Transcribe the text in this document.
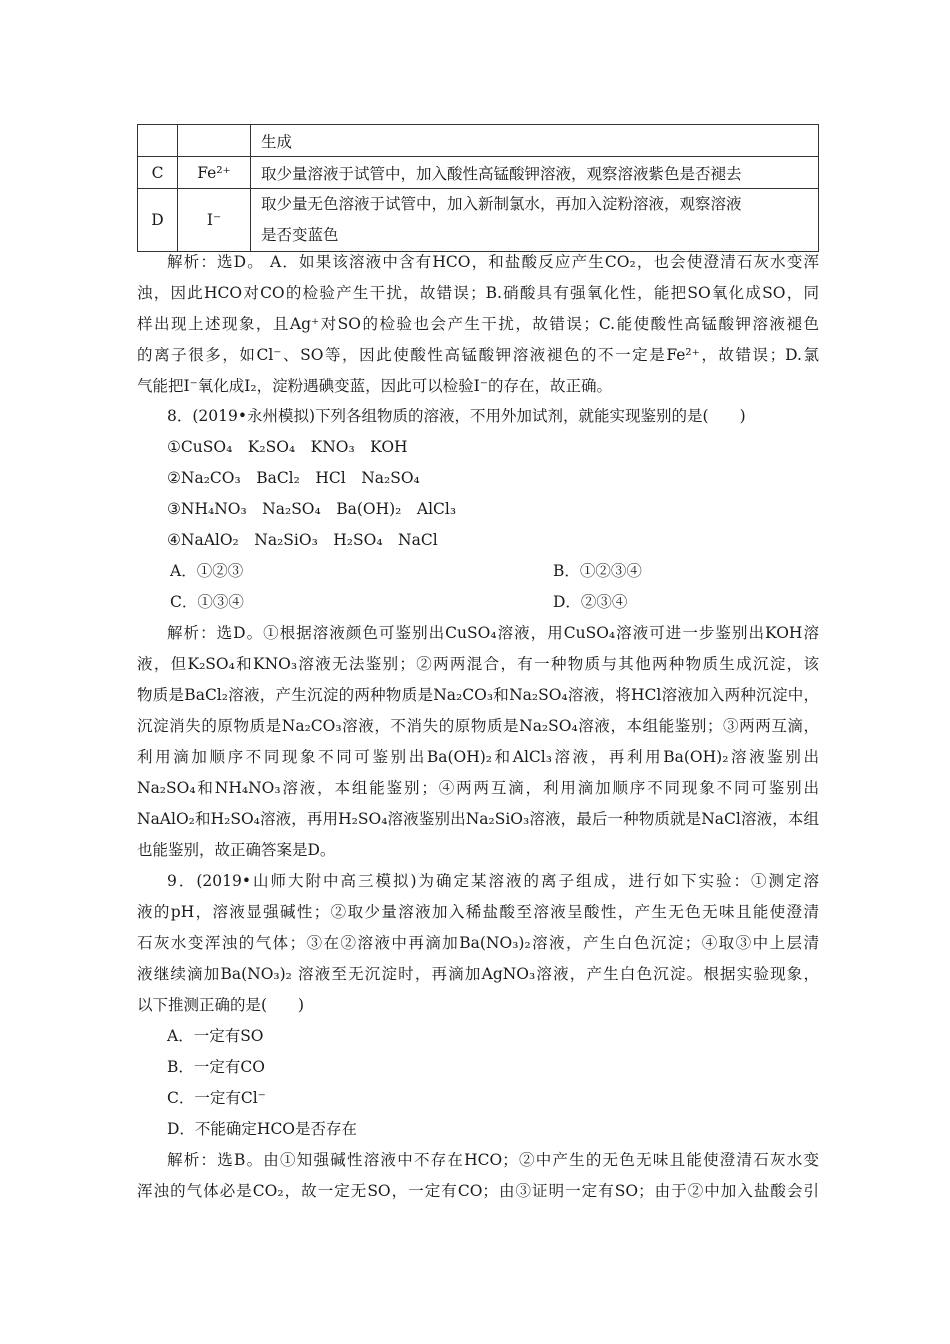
		生成
C	Fe²⁺	取少量溶液于试管中，加入酸性高锰酸钾溶液，观察溶液紫色是否褪去
D	I⁻	取少量无色溶液于试管中，加入新制氯水，再加入淀粉溶液，观察溶液
是否变蓝色
解析：选D。 A．如果该溶液中含有HCO，和盐酸反应产生CO₂，也会使澄清石灰水变浑
浊，因此HCO对CO的检验产生干扰，故错误；B.硝酸具有强氧化性，能把SO氧化成SO，同
样出现上述现象，且Ag⁺对SO的检验也会产生干扰，故错误；C.能使酸性高锰酸钾溶液褪色
的离子很多，如Cl⁻、SO等，因此使酸性高锰酸钾溶液褪色的不一定是Fe²⁺，故错误；D.氯
气能把I⁻氧化成I₂，淀粉遇碘变蓝，因此可以检验I⁻的存在，故正确。
8．(2019•永州模拟)下列各组物质的溶液，不用外加试剂，就能实现鉴别的是(　　)
①CuSO₄　K₂SO₄　KNO₃　KOH
②Na₂CO₃　BaCl₂　HCl　Na₂SO₄
③NH₄NO₃　Na₂SO₄　Ba(OH)₂　AlCl₃
④NaAlO₂　Na₂SiO₃　H₂SO₄　NaCl
A．①②③	B．①②③④
C．①③④	D．②③④
解析：选D。①根据溶液颜色可鉴别出CuSO₄溶液，用CuSO₄溶液可进一步鉴别出KOH溶
液，但K₂SO₄和KNO₃溶液无法鉴别；②两两混合，有一种物质与其他两种物质生成沉淀，该
物质是BaCl₂溶液，产生沉淀的两种物质是Na₂CO₃和Na₂SO₄溶液，将HCl溶液加入两种沉淀中，
沉淀消失的原物质是Na₂CO₃溶液，不消失的原物质是Na₂SO₄溶液，本组能鉴别；③两两互滴，
利用滴加顺序不同现象不同可鉴别出Ba(OH)₂和AlCl₃溶液，再利用Ba(OH)₂溶液鉴别出
Na₂SO₄和NH₄NO₃溶液，本组能鉴别；④两两互滴，利用滴加顺序不同现象不同可鉴别出
NaAlO₂和H₂SO₄溶液，再用H₂SO₄溶液鉴别出Na₂SiO₃溶液，最后一种物质就是NaCl溶液，本组
也能鉴别，故正确答案是D。
9．(2019•山师大附中高三模拟)为确定某溶液的离子组成，进行如下实验：①测定溶
液的pH，溶液显强碱性；②取少量溶液加入稀盐酸至溶液呈酸性，产生无色无味且能使澄清
石灰水变浑浊的气体；③在②溶液中再滴加Ba(NO₃)₂溶液，产生白色沉淀；④取③中上层清
液继续滴加Ba(NO₃)₂ 溶液至无沉淀时，再滴加AgNO₃溶液，产生白色沉淀。根据实验现象，
以下推测正确的是(　　)
A．一定有SO
B．一定有CO
C．一定有Cl⁻
D．不能确定HCO是否存在
解析：选B。由①知强碱性溶液中不存在HCO；②中产生的无色无味且能使澄清石灰水变
浑浊的气体必是CO₂，故一定无SO，一定有CO；由③证明一定有SO；由于②中加入盐酸会引
